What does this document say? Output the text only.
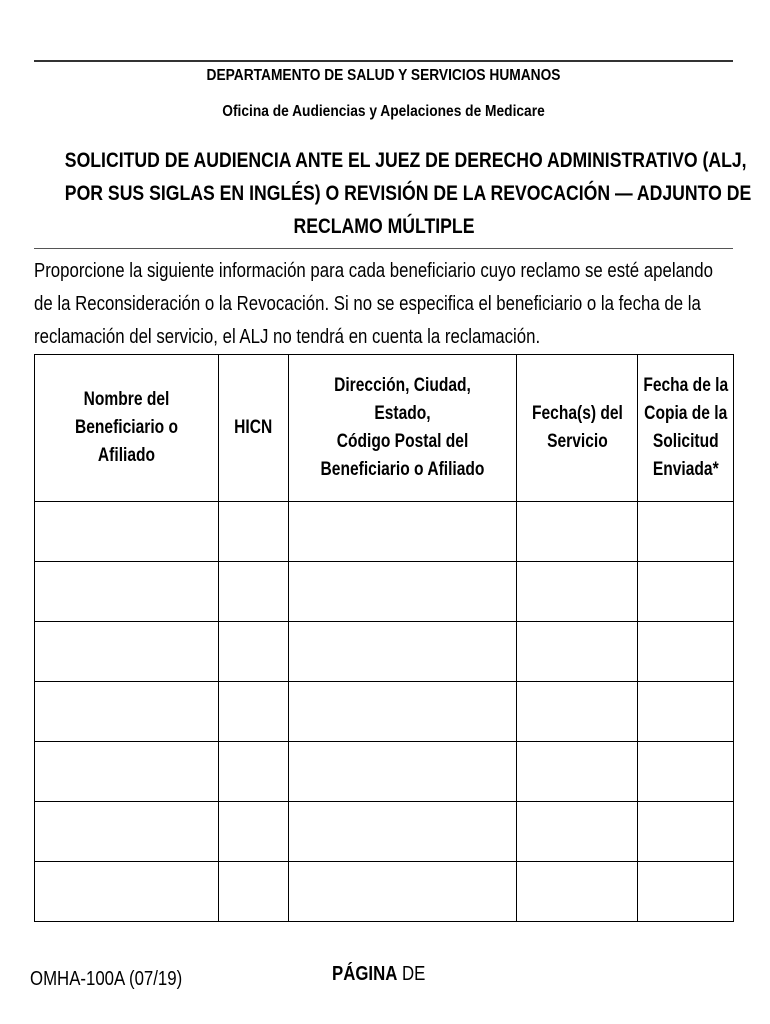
DEPARTAMENTO DE SALUD Y SERVICIOS HUMANOS
Oficina de Audiencias y Apelaciones de Medicare
SOLICITUD DE AUDIENCIA ANTE EL JUEZ DE DERECHO ADMINISTRATIVO (ALJ,
POR SUS SIGLAS EN INGLÉS) O REVISIÓN DE LA REVOCACIÓN — ADJUNTO DE
RECLAMO MÚLTIPLE
Proporcione la siguiente información para cada beneficiario cuyo reclamo se esté apelando
de la Reconsideración o la Revocación. Si no se especifica el beneficiario o la fecha de la
reclamación del servicio, el ALJ no tendrá en cuenta la reclamación.
Nombre del
Beneficiario o Afiliado	HICN	Dirección, Ciudad, Estado,
Código Postal del
Beneficiario o Afiliado	Fecha(s) del
Servicio	Fecha de la
Copia de la
Solicitud
Enviada*

OMHA-100A (07/19)	PÁGINA DE
